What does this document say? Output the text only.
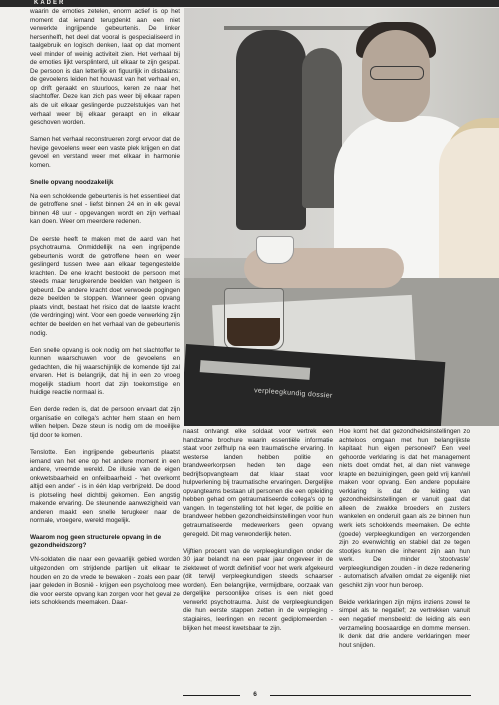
KADER

waarin de emoties zetelen, enorm actief is op het moment dat iemand terugdenkt aan een niet verwerkte ingrijpende gebeurtenis. De linker hersenhelft, het deel dat vooral is gespecialiseerd in taalgebruik en logisch denken, laat op dat moment veel minder of weinig activiteit zien. Het verhaal bij de emoties lijkt versplinterd, uit elkaar te zijn gespat. De persoon is dan letterlijk en figuurlijk in disbalans: de gevoelens leiden het houvast van het verhaal en, op drift geraakt en stuurloos, keren ze naar het slachtoffer. Deze kan zich pas weer bij elkaar rapen als de uit elkaar geslingerde puzzelstukjes van het verhaal weer bij elkaar geraapt en in elkaar geschoven worden.

Samen het verhaal reconstrueren zorgt ervoor dat de hevige gevoelens weer een vaste plek krijgen en dat gevoel en verstand weer met elkaar in harmonie komen.

Snelle opvang noodzakelijk

Na een schokkende gebeurtenis is het essentieel dat de getroffene snel - liefst binnen 24 en in elk geval binnen 48 uur - opgevangen wordt en zijn verhaal kan doen. Weer om meerdere redenen.

De eerste heeft te maken met de aard van het psychotrauma. Onmiddellijk na een ingrijpende gebeurtenis wordt de getroffene heen en weer geslingerd tussen twee aan elkaar tegengestelde krachten. De ene kracht bestookt de persoon met steeds maar terugkerende beelden van hetgeen is gebeurd. De andere kracht doet verwoede pogingen deze beelden te stoppen. Wanneer geen opvang plaats vindt, bestaat het risico dat de laatste kracht (de verdringing) wint. Voor een goede verwerking zijn echter de beelden en het verhaal van de gebeurtenis nodig.

Een snelle opvang is ook nodig om het slachtoffer te kunnen waarschuwen voor de gevoelens en gedachten, die hij waarschijnlijk de komende tijd zal ervaren. Het is belangrijk, dat hij in een zo vroeg mogelijk stadium hoort dat zijn toekomstige en huidige reactie normaal is.

Een derde reden is, dat de persoon ervaart dat zijn organisatie en collega's achter hem staan en hem willen helpen. Deze steun is nodig om de moeilijke tijd door te komen.

Tenslotte. Een ingrijpende gebeurtenis plaatst iemand van het ene op het andere moment in een andere, vreemde wereld. De illusie van de eigen onkwetsbaarheid en onfeilbaarheid - 'het overkomt altijd een ander' - is in één klap verbrijzeld. De dood is plotseling heel dichtbij gekomen. Een angstig makende ervaring. De steunende aanwezigheid van anderen maakt een snelle terugkeer naar de normale, vroegere, wereld mogelijk.

Waarom nog geen structurele opvang in de gezondheidszorg?

VN-soldaten die naar een gevaarlijk gebied worden uitgezonden om strijdende partijen uit elkaar te houden en zo de vrede te bewaken - zoals een paar jaar geleden in Bosnië - krijgen een psychoIoog mee die voor eerste opvang kan zorgen voor het geval ze iets schokkends meemaken. Daar-

verpleegkundig dossier

naast ontvangt elke soldaat voor vertrek een handzame brochure waarin essentiële informatie staat voor zelfhulp na een traumatische ervaring. In westerse landen hebben politie en brandweerkorpsen heden ten dage een bedrijfsopvangteam dat klaar staat voor hulpverlening bij traumatische ervaringen. Dergelijke opvangteams bestaan uit personen die een opleiding hebben gehad om getraumatiseerde collega's op te vangen. In tegenstelling tot het leger, de politie en brandweer hebben gezondheidsinstellingen voor hun getraumatiseerde medewerkers geen opvang geregeld. Dit mag verwonderlijk heten.

Vijftien procent van de verpleegkundigen onder de 30 jaar belandt na een paar jaar ongeveer in de ziektewet of wordt definitief voor het werk afgekeurd (dit terwijl verpleegkundigen steeds schaarser worden). Een belangrijke, vermijdbare, oorzaak van dergelijke persoonlijke crises is een niet goed verwerkt psychotrauma. Juist de verpleegkundigen die hun eerste stappen zetten in de verpleging - stagiaires, leerlingen en recent gediplomeerden - blijken het meest kwetsbaar te zijn.

Hoe komt het dat gezondheidsinstellingen zo achteloos omgaan met hun belangrijkste kapitaal: hun eigen personeel? Een veel gehoorde verklaring is dat het management niets doet omdat het, al dan niet vanwege krapte en bezuinigingen, geen geld vrij kan/wil maken voor opvang. Een andere populaire verklaring is dat de leiding van gezondheidsinstellingen er vanuit gaat dat alleen de zwakke broeders en zusters wankelen en onderuit gaan als ze binnen hun werk iets schokkends meemaken. De echte (goede) verpleegkundigen en verzorgenden zijn zo evenwichtig en stabiel dat ze tegen stootjes kunnen die inherent zijn aan hun werk. De minder 'stootvaste' verpleegkundigen zouden - in deze redenering - automatisch afvallen omdat ze eigenlijk niet geschikt zijn voor hun beroep.

Beide verklaringen zijn mijns inziens zowel te simpel als te negatief; ze vertrekken vanuit een negatief mensbeeld: de leiding als een verzameling boosaardige en domme mensen. Ik denk dat drie andere verklaringen meer hout snijden.

6
